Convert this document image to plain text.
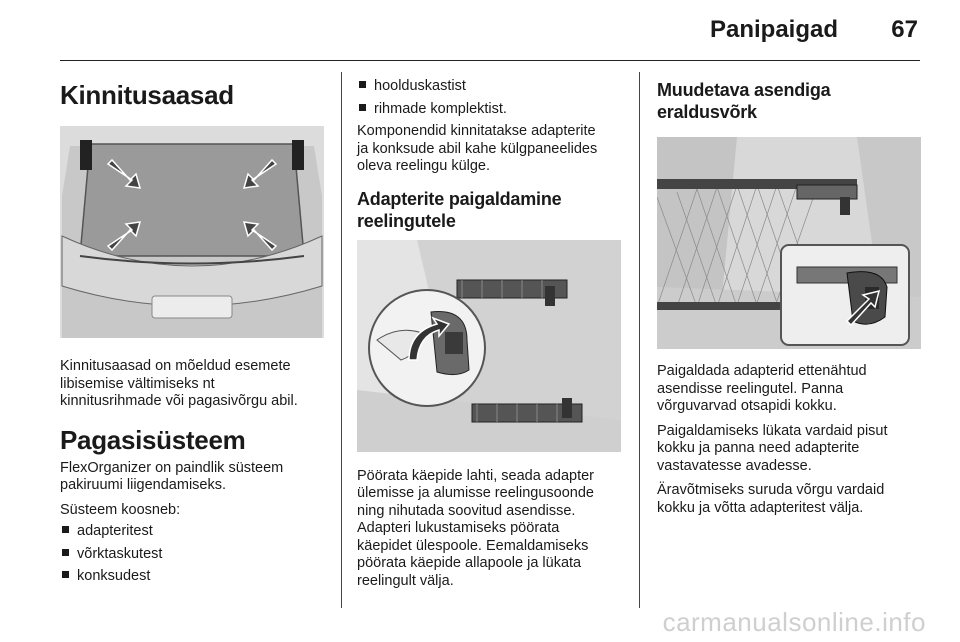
Panipaigad 67
Kinnitusaasad

Kinnitusaasad on mõeldud esemete
libisemise vältimiseks nt
kinnitusrihmade või pagasivõrgu abil.

Pagasisüsteem

FlexOrganizer on paindlik süsteem
pakiruumi liigendamiseks.

Süsteem koosneb:

adapteritest
võrktaskutest
konksudest
hoolduskastist
rihmade komplektist.

Komponendid kinnitatakse adapterite
ja konksude abil kahe külgpaneelides
oleva reelingu külge.

Adapterite paigaldamine
reelingutele

Pöörata käepide lahti, seada adapter
ülemisse ja alumisse reelingusoonde
ning nihutada soovitud asendisse.
Adapteri lukustamiseks pöörata
käepidet ülespoole. Eemaldamiseks
pöörata käepide allapoole ja lükata
reelingult välja.

Muudetava asendiga
eraldusvõrk

Paigaldada adapterid ettenähtud
asendisse reelingutel. Panna
võrguvarvad otsapidi kokku.

Paigaldamiseks lükata vardaid pisut
kokku ja panna need adapterite
vastavatesse avadesse.

Äravõtmiseks suruda võrgu vardaid
kokku ja võtta adapteritest välja.

carmanualsonline.info
